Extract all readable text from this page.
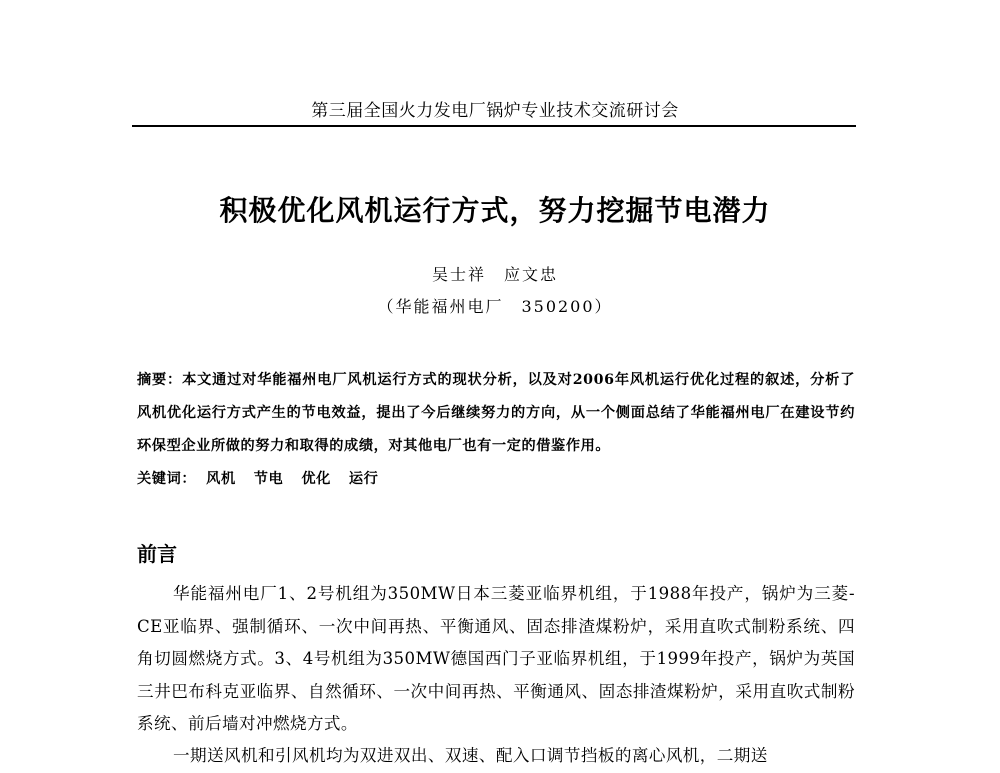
第三届全国火力发电厂锅炉专业技术交流研讨会
积极优化风机运行方式，努力挖掘节电潜力
吴士祥　应文忠
（华能福州电厂　350200）

摘要：本文通过对华能福州电厂风机运行方式的现状分析，以及对2006年风机运行优化过程的叙述，分析了风机优化运行方式产生的节电效益，提出了今后继续努力的方向，从一个侧面总结了华能福州电厂在建设节约环保型企业所做的努力和取得的成绩，对其他电厂也有一定的借鉴作用。

关键词： 风机 节电 优化 运行
前言

华能福州电厂1、2号机组为350MW日本三菱亚临界机组，于1988年投产，锅炉为三菱-CE亚临界、强制循环、一次中间再热、平衡通风、固态排渣煤粉炉，采用直吹式制粉系统、四角切圆燃烧方式。3、4号机组为350MW德国西门子亚临界机组，于1999年投产，锅炉为英国三井巴布科克亚临界、自然循环、一次中间再热、平衡通风、固态排渣煤粉炉，采用直吹式制粉系统、前后墙对冲燃烧方式。

一期送风机和引风机均为双进双出、双速、配入口调节挡板的离心风机，二期送
